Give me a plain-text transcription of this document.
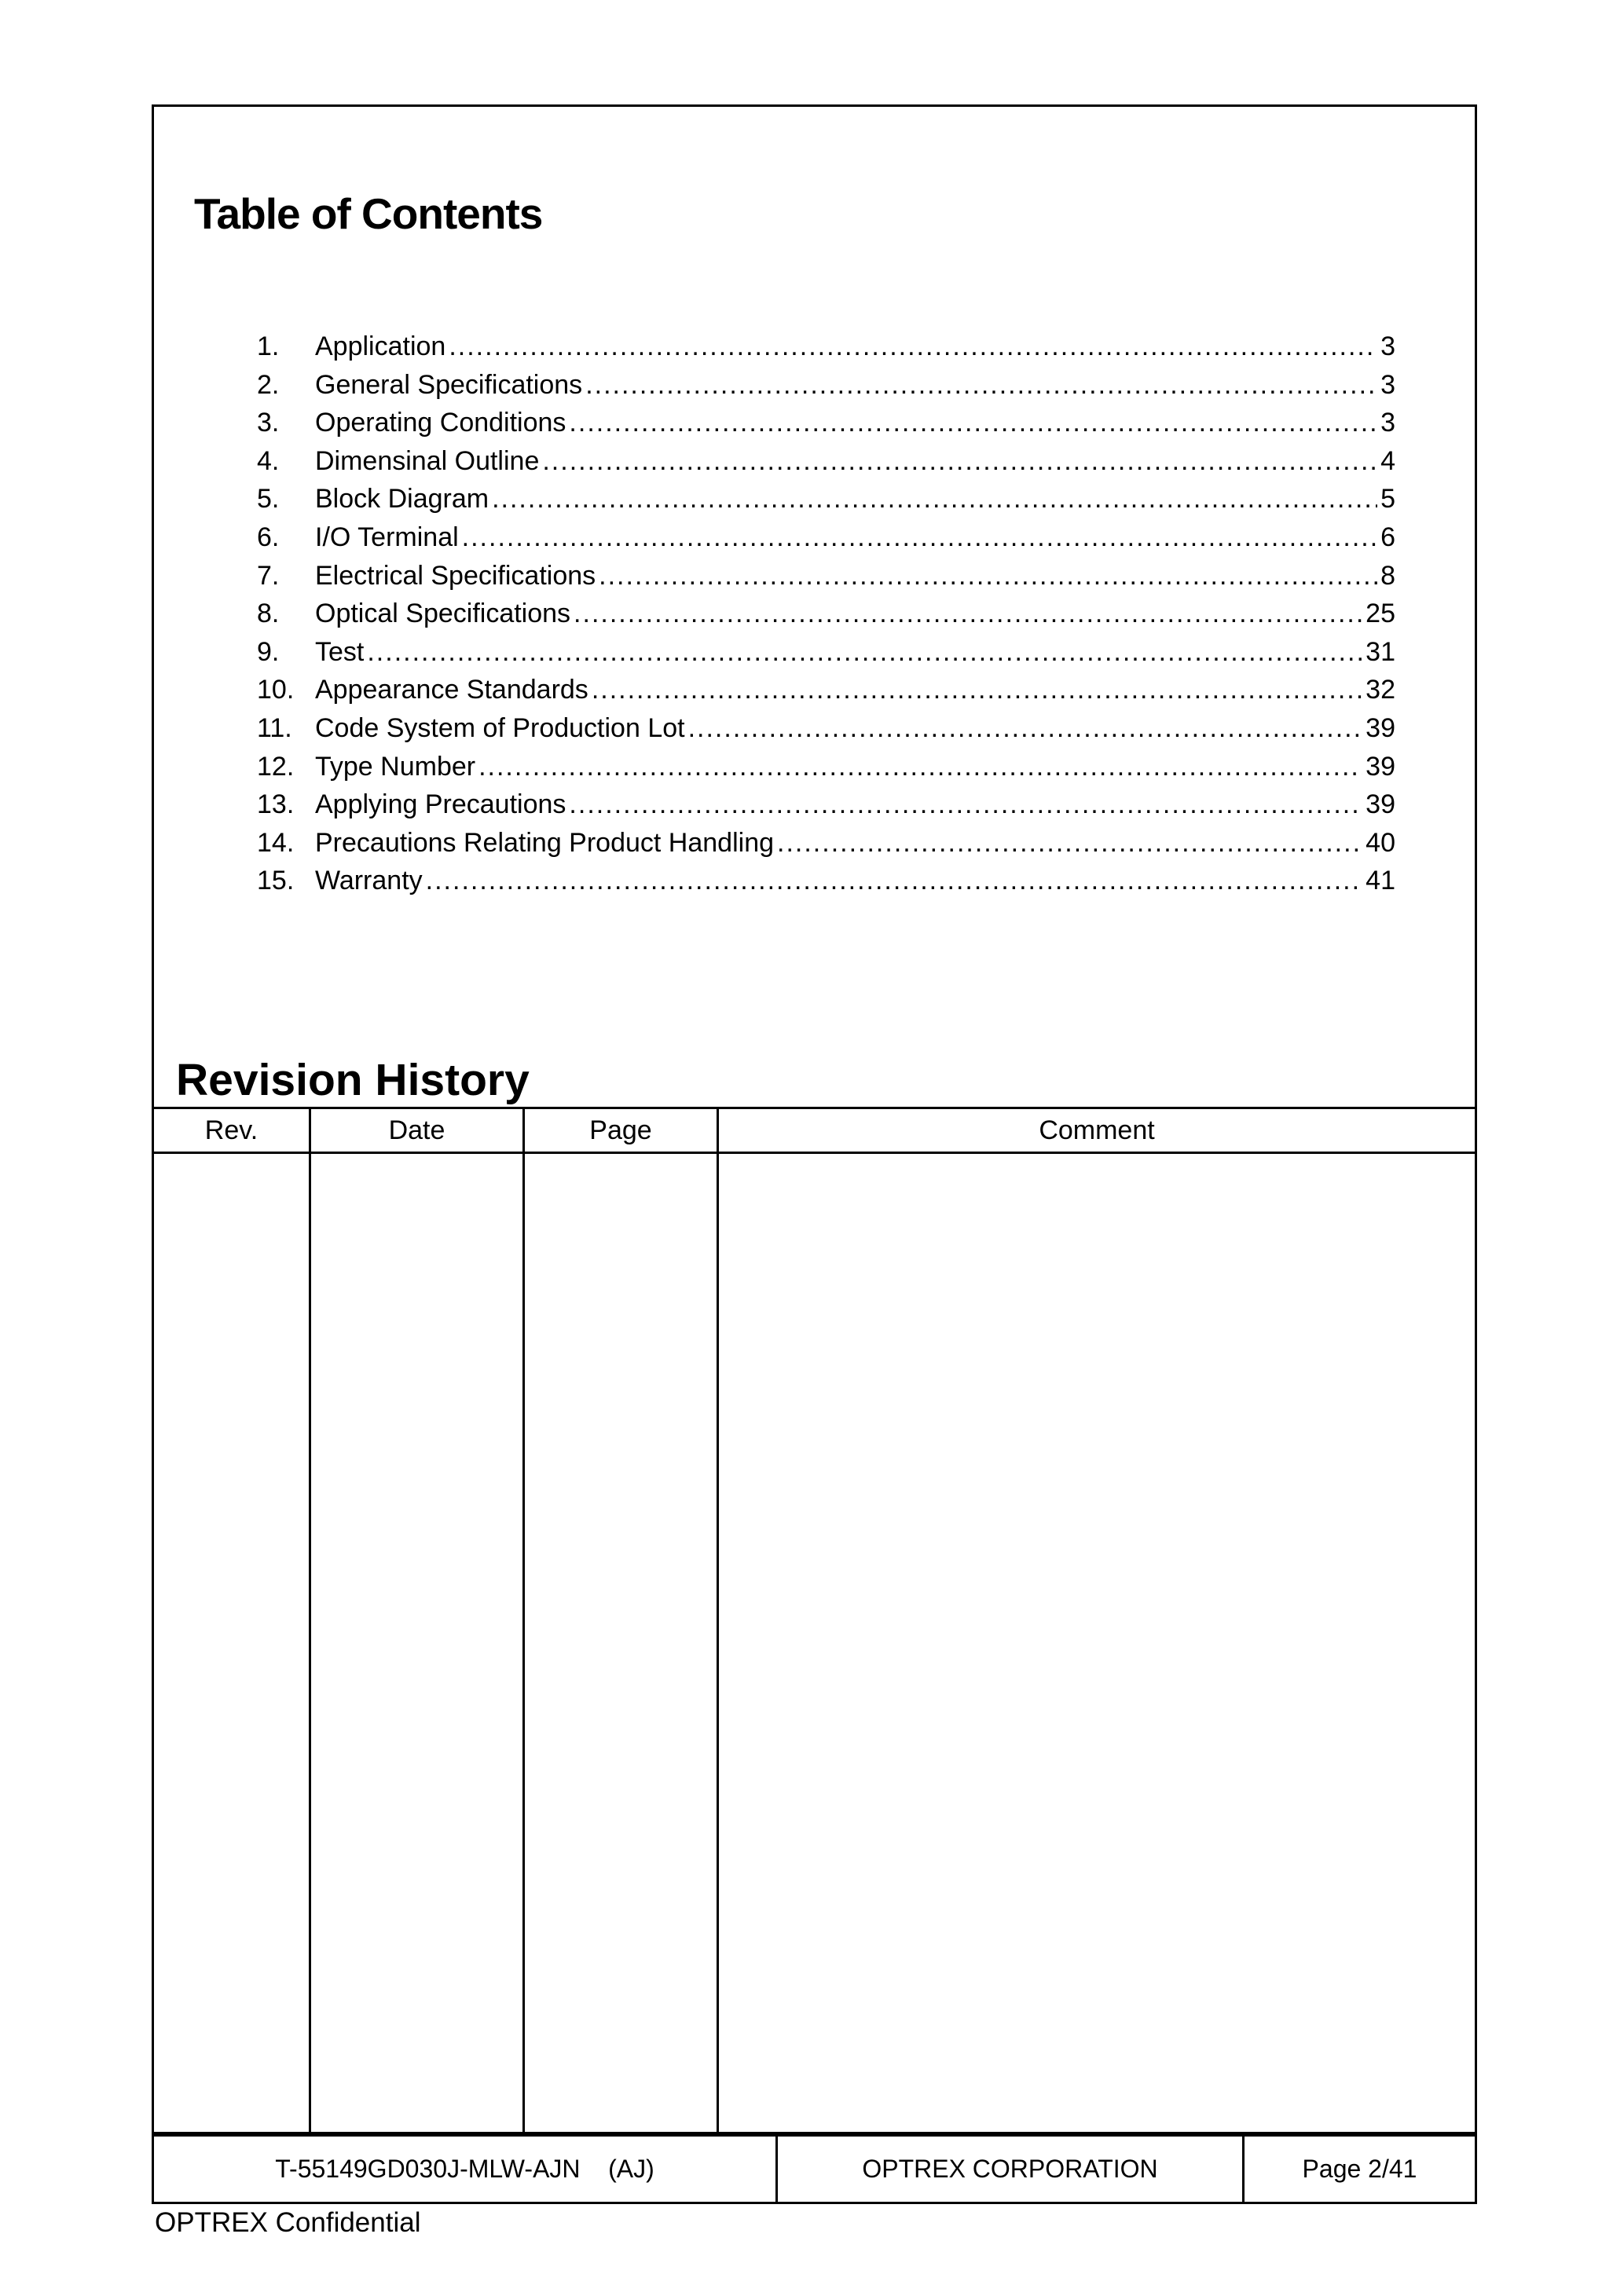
Table of Contents
1.	Application .....	3
2.	General Specifications .....	3
3.	Operating Conditions .....	3
4.	Dimensinal Outline .....	4
5.	Block Diagram .....	5
6.	I/O Terminal .....	6
7.	Electrical Specifications .....	8
8.	Optical Specifications .....	25
9.	Test .....	31
10. Appearance Standards .....	32
11. Code System of Production Lot .....	39
12. Type Number .....	39
13. Applying Precautions .....	39
14. Precautions Relating Product Handling .....	40
15. Warranty .....	41
Revision History
Rev.	Date	Page	Comment

T-55149GD030J-MLW-AJN    (AJ)	OPTREX CORPORATION	Page 2/41

OPTREX Confidential
